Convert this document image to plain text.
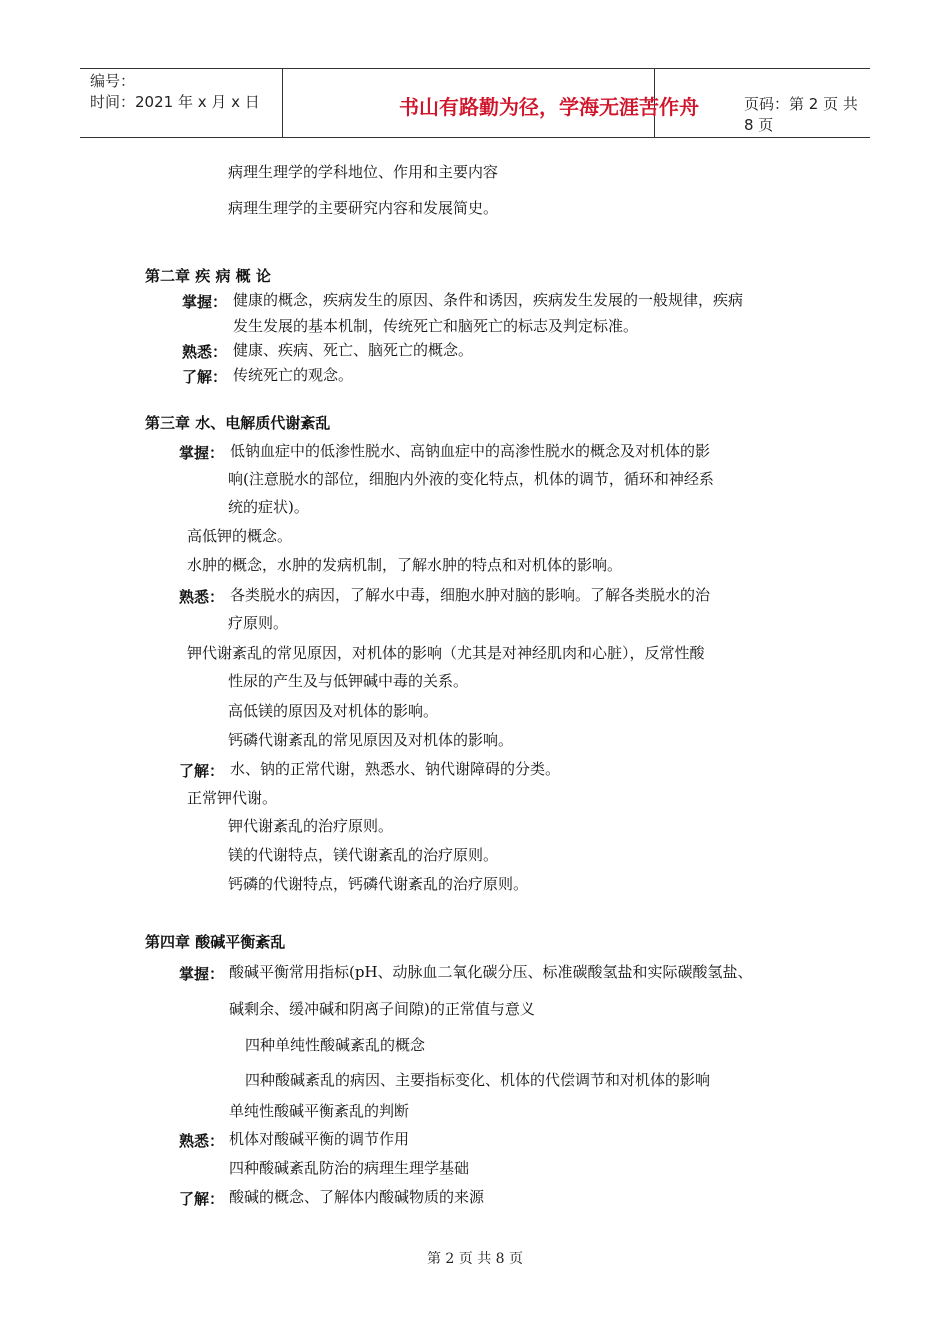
编号：
时间：2021 年 x 月 x 日	书山有路勤为径，学海无涯苦作舟	页码：第 2 页 共 8 页
病理生理学的学科地位、作用和主要内容
病理生理学的主要研究内容和发展简史。
第二章 疾 病 概 论
掌握： 健康的概念，疾病发生的原因、条件和诱因，疾病发生发展的一般规律，疾病
发生发展的基本机制，传统死亡和脑死亡的标志及判定标准。
熟悉： 健康、疾病、死亡、脑死亡的概念。
了解： 传统死亡的观念。
第三章 水、电解质代谢紊乱
掌握： 低钠血症中的低渗性脱水、高钠血症中的高渗性脱水的概念及对机体的影
响(注意脱水的部位，细胞内外液的变化特点，机体的调节，循环和神经系
统的症状)。
高低钾的概念。
水肿的概念，水肿的发病机制，了解水肿的特点和对机体的影响。
熟悉： 各类脱水的病因，了解水中毒，细胞水肿对脑的影响。了解各类脱水的治
疗原则。
钾代谢紊乱的常见原因，对机体的影响（尤其是对神经肌肉和心脏），反常性酸
性尿的产生及与低钾碱中毒的关系。
高低镁的原因及对机体的影响。
钙磷代谢紊乱的常见原因及对机体的影响。
了解： 水、钠的正常代谢，熟悉水、钠代谢障碍的分类。
正常钾代谢。
钾代谢紊乱的治疗原则。
镁的代谢特点，镁代谢紊乱的治疗原则。
钙磷的代谢特点，钙磷代谢紊乱的治疗原则。
第四章 酸碱平衡紊乱
掌握： 酸碱平衡常用指标(pH、动脉血二氧化碳分压、标准碳酸氢盐和实际碳酸氢盐、
碱剩余、缓冲碱和阴离子间隙)的正常值与意义
四种单纯性酸碱紊乱的概念
四种酸碱紊乱的病因、主要指标变化、机体的代偿调节和对机体的影响
单纯性酸碱平衡紊乱的判断
熟悉： 机体对酸碱平衡的调节作用
四种酸碱紊乱防治的病理生理学基础
了解： 酸碱的概念、了解体内酸碱物质的来源
第 2 页 共 8 页
